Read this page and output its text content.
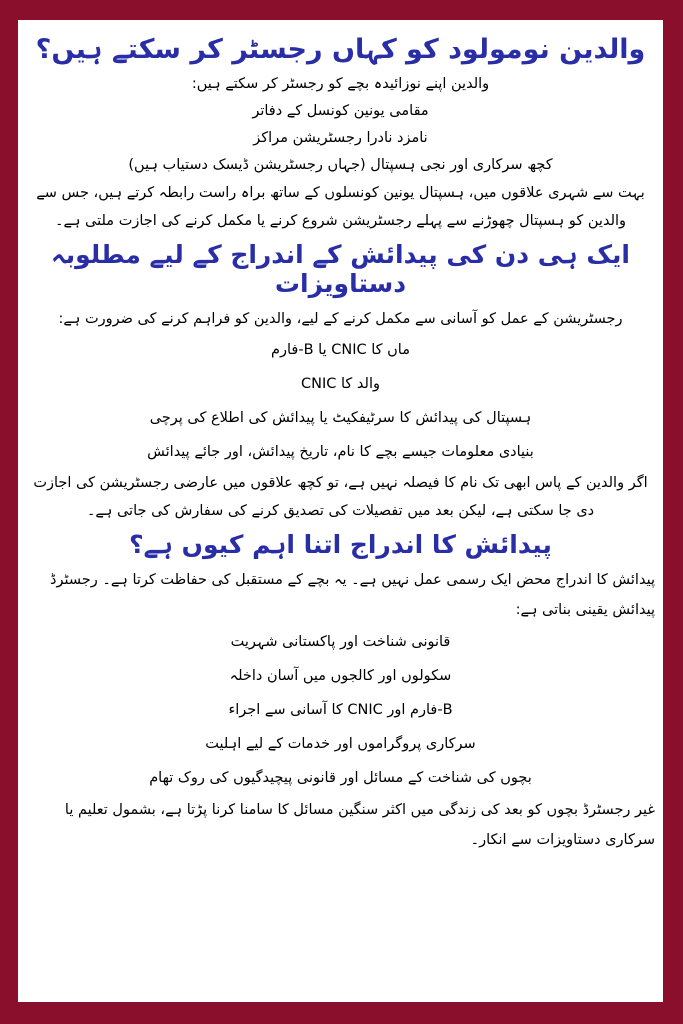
والدین نومولود کو کہاں رجسٹر کر سکتے ہیں؟

والدین اپنے نوزائیدہ بچے کو رجسٹر کر سکتے ہیں:

مقامی یونین کونسل کے دفاتر

نامزد نادرا رجسٹریشن مراکز

کچھ سرکاری اور نجی ہسپتال (جہاں رجسٹریشن ڈیسک دستیاب ہیں)

بہت سے شہری علاقوں میں، ہسپتال یونین کونسلوں کے ساتھ براہ راست رابطہ کرتے ہیں، جس سے والدین کو ہسپتال چھوڑنے سے پہلے رجسٹریشن شروع کرنے یا مکمل کرنے کی اجازت ملتی ہے۔

ایک ہی دن کی پیدائش کے اندراج کے لیے مطلوبہ دستاویزات

رجسٹریشن کے عمل کو آسانی سے مکمل کرنے کے لیے، والدین کو فراہم کرنے کی ضرورت ہے:

ماں کا CNIC یا B-فارم

والد کا CNIC

ہسپتال کی پیدائش کا سرٹیفکیٹ یا پیدائش کی اطلاع کی پرچی

بنیادی معلومات جیسے بچے کا نام، تاریخ پیدائش، اور جائے پیدائش

اگر والدین کے پاس ابھی تک نام کا فیصلہ نہیں ہے، تو کچھ علاقوں میں عارضی رجسٹریشن کی اجازت دی جا سکتی ہے، لیکن بعد میں تفصیلات کی تصدیق کرنے کی سفارش کی جاتی ہے۔

پیدائش کا اندراج اتنا اہم کیوں ہے؟

پیدائش کا اندراج محض ایک رسمی عمل نہیں ہے۔ یہ بچے کے مستقبل کی حفاظت کرتا ہے۔ رجسٹرڈ پیدائش یقینی بناتی ہے:

قانونی شناخت اور پاکستانی شہریت

سکولوں اور کالجوں میں آسان داخلہ

B-فارم اور CNIC کا آسانی سے اجراء

سرکاری پروگراموں اور خدمات کے لیے اہلیت

بچوں کی شناخت کے مسائل اور قانونی پیچیدگیوں کی روک تھام

غیر رجسٹرڈ بچوں کو بعد کی زندگی میں اکثر سنگین مسائل کا سامنا کرنا پڑتا ہے، بشمول تعلیم یا سرکاری دستاویزات سے انکار۔
